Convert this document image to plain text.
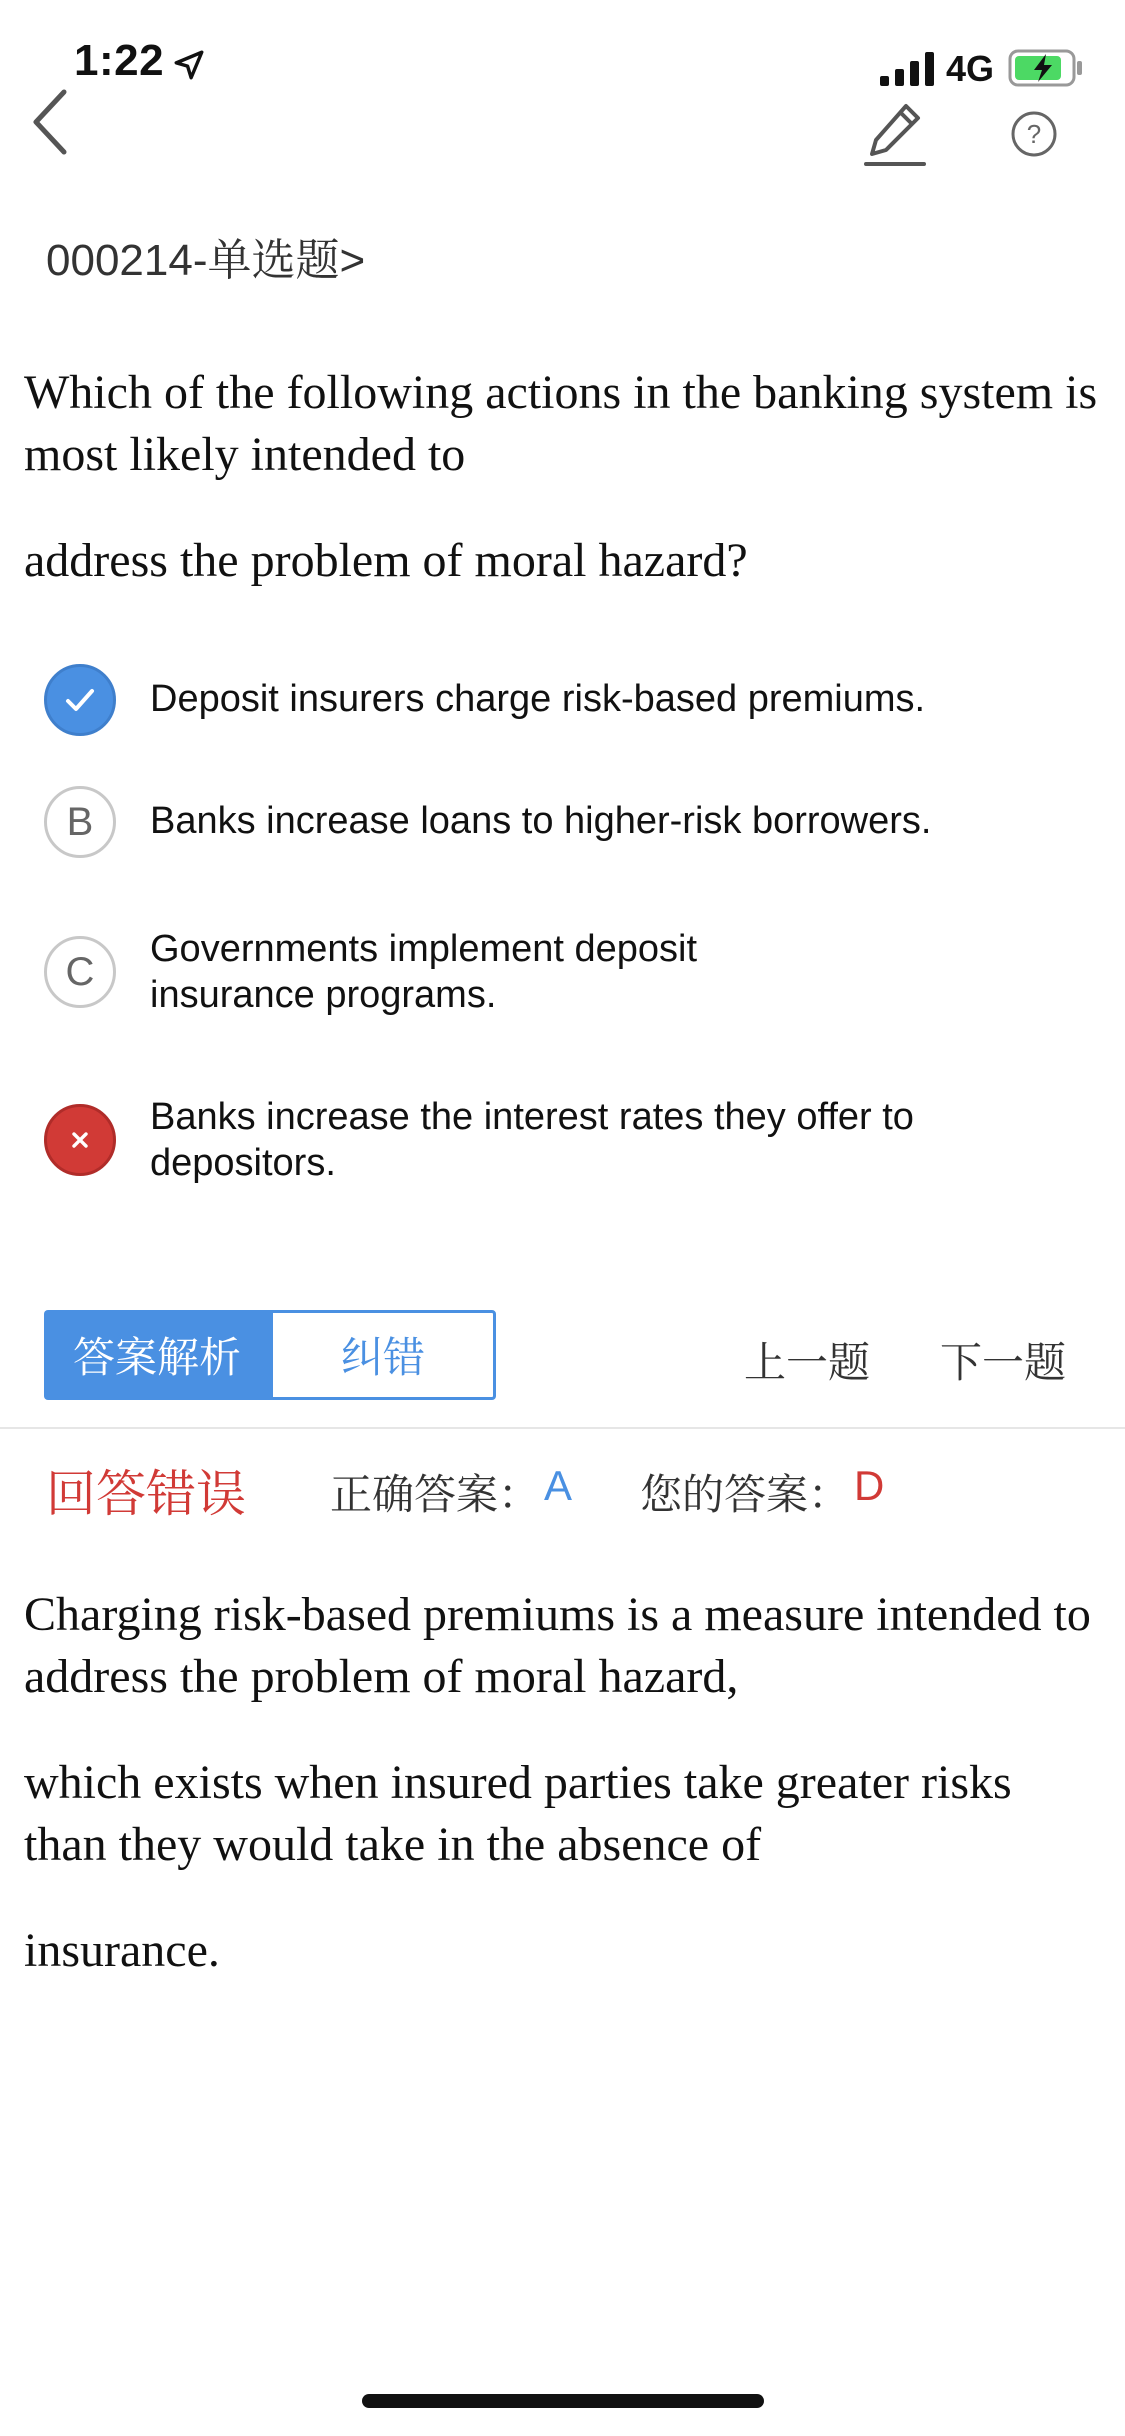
1:22	4G
?
000214-单选题>

Which of the following actions in the banking system is most likely intended to

address the problem of moral hazard?

Deposit insurers charge risk-based premiums.
B	Banks increase loans to higher-risk borrowers.
C
Governments implement deposit
insurance programs.
Banks increase the interest rates they offer to
depositors.
答案解析	纠错	上一题 下一题
回答错误 正确答案： A 您的答案： D

Charging risk-based premiums is a measure intended to address the problem of moral hazard,

which exists when insured parties take greater risks than they would take in the absence of

insurance.
